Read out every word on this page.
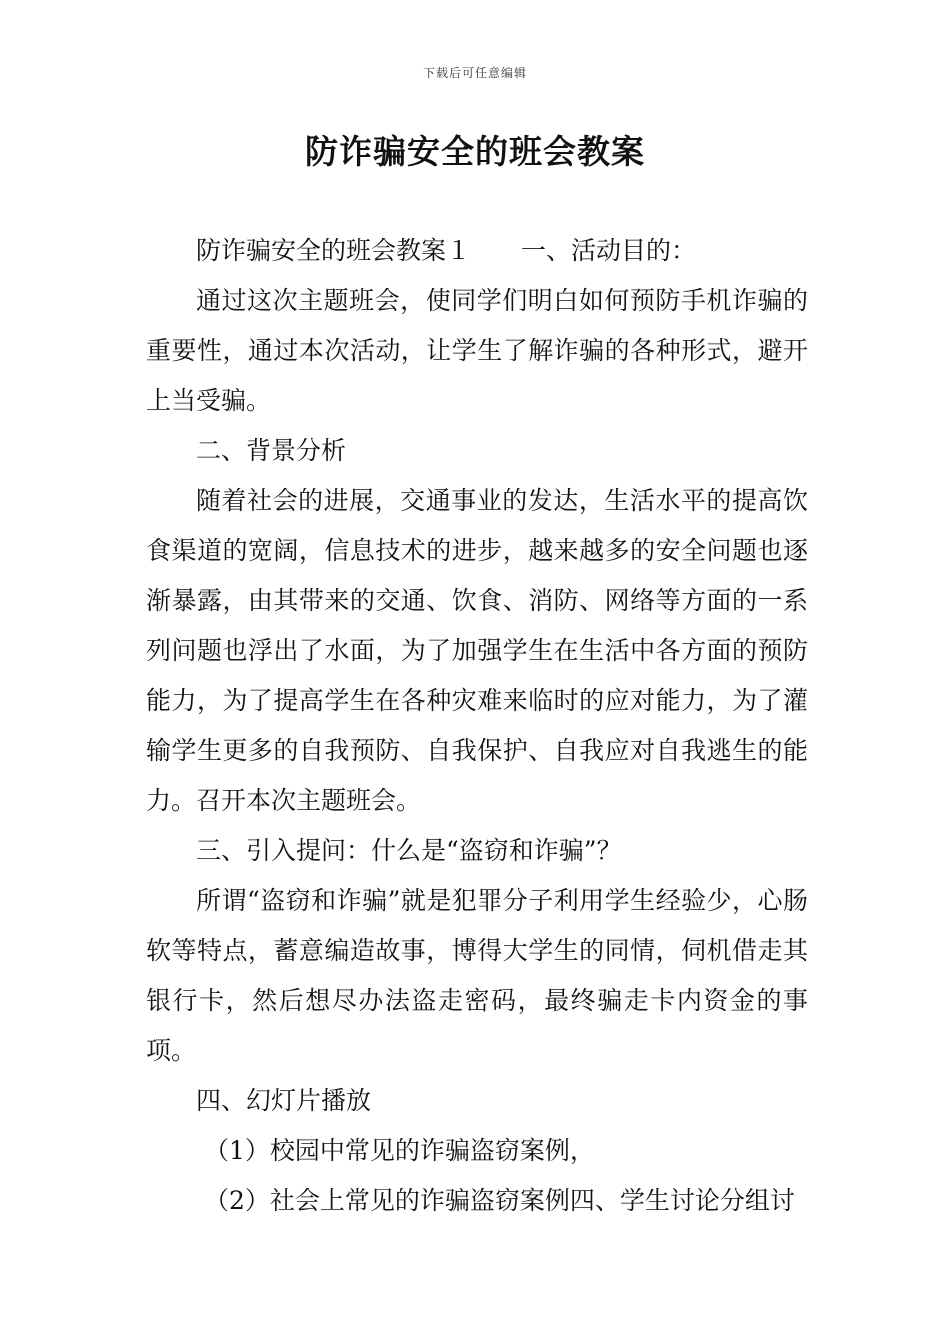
下载后可任意编辑
防诈骗安全的班会教案

防诈骗安全的班会教案１　　一、活动目的：

通过这次主题班会，使同学们明白如何预防手机诈骗的重要性，通过本次活动，让学生了解诈骗的各种形式，避开上当受骗。

二、背景分析

随着社会的进展，交通事业的发达，生活水平的提高饮食渠道的宽阔，信息技术的进步，越来越多的安全问题也逐渐暴露，由其带来的交通、饮食、消防、网络等方面的一系列问题也浮出了水面，为了加强学生在生活中各方面的预防能力，为了提高学生在各种灾难来临时的应对能力，为了灌输学生更多的自我预防、自我保护、自我应对自我逃生的能力。召开本次主题班会。

三、引入提问：什么是“盗窃和诈骗”？

所谓“盗窃和诈骗”就是犯罪分子利用学生经验少，心肠软等特点，蓄意编造故事，博得大学生的同情，伺机借走其银行卡，然后想尽办法盗走密码，最终骗走卡内资金的事项。

四、幻灯片播放

（1）校园中常见的诈骗盗窃案例，

（2）社会上常见的诈骗盗窃案例四、学生讨论分组讨
